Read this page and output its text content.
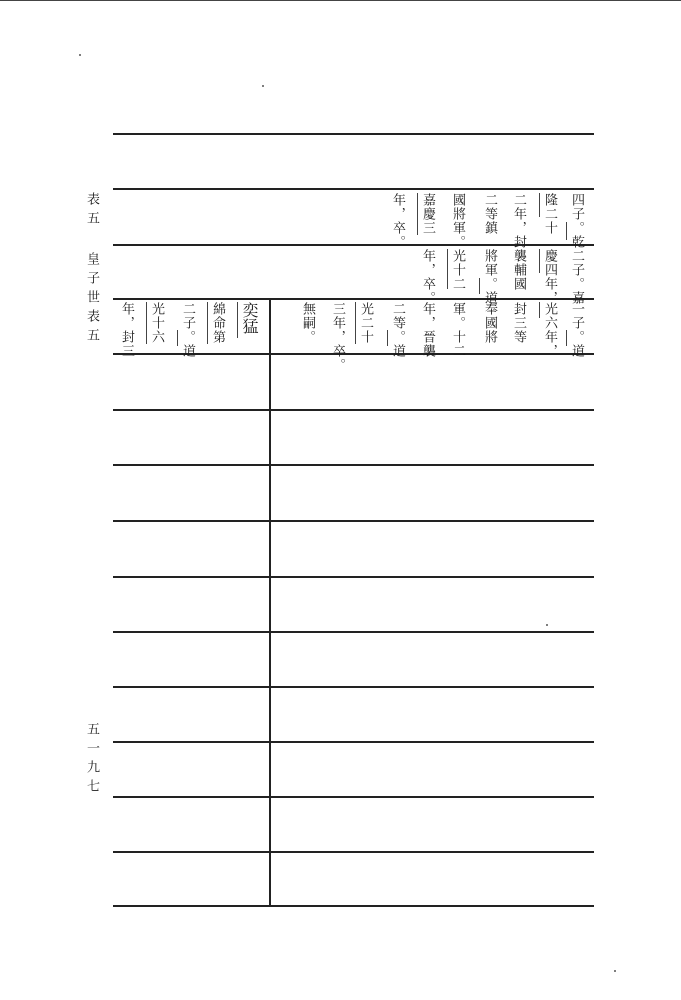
表五
皇子世表五
五一九七
四子。乾
隆二十
二年，封
二等鎮
國將軍。
嘉慶三
年，卒。
二子。嘉
慶四年，
襲輔國
將軍。道
光十二
年，卒。
一子。道
光六年，
封三等
奉國將
軍。十二
年，晉襲
二等。道
光二十
三年，卒。
無嗣。
奕猛
綿命第
二子。道
光十六
年，封三
